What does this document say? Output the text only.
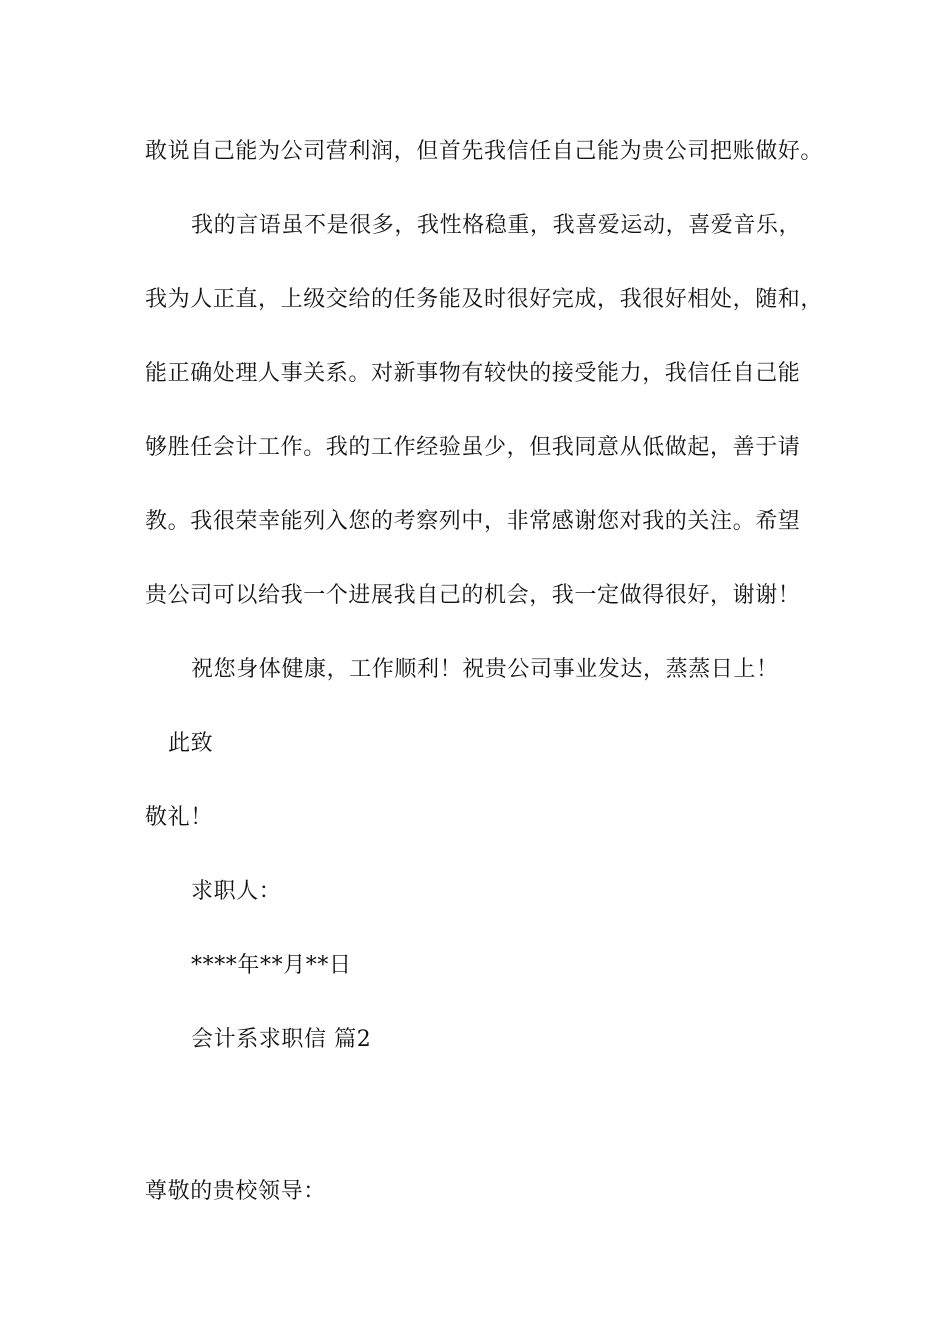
敢说自己能为公司营利润，但首先我信任自己能为贵公司把账做好。
我的言语虽不是很多，我性格稳重，我喜爱运动，喜爱音乐，
我为人正直，上级交给的任务能及时很好完成，我很好相处，随和，
能正确处理人事关系。对新事物有较快的接受能力，我信任自己能
够胜任会计工作。我的工作经验虽少，但我同意从低做起，善于请
教。我很荣幸能列入您的考察列中，非常感谢您对我的关注。希望
贵公司可以给我一个进展我自己的机会，我一定做得很好，谢谢！
祝您身体健康，工作顺利！祝贵公司事业发达，蒸蒸日上！
此致
敬礼！
求职人：
****年**月**日
会计系求职信 篇2
尊敬的贵校领导：
